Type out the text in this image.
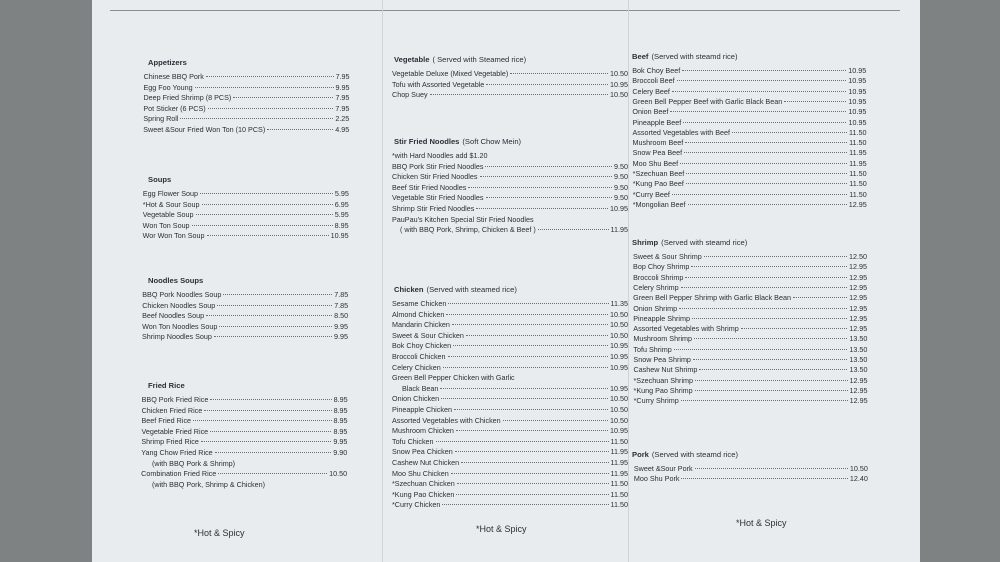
Appetizers
Chinese BBQ Pork	7.95
Egg Foo Young	9.95
Deep Fried Shrimp (8 PCS)	7.95
Pot Sticker (6 PCS)	7.95
Spring Roll	2.25
Sweet &Sour Fried Won Ton (10 PCS)	4.95
Soups
Egg Flower Soup	5.95
*Hot & Sour Soup	6.95
Vegetable Soup	5.95
Won Ton Soup	8.95
Wor Won Ton Soup	10.95
Noodles Soups
BBQ Pork Noodles Soup	7.85
Chicken Noodles Soup	7.85
Beef Noodles Soup	8.50
Won Ton Noodles Soup	9.95
Shrimp Noodles Soup	9.95
Fried Rice
BBQ Pork Fried Rice	8.95
Chicken Fried Rice	8.95
Beef Fried Rice	8.95
Vegetable Fried Rice	8.95
Shrimp Fried Rice	9.95
Yang Chow Fried Rice	9.90
(with BBQ Pork & Shrimp)
Combination Fried Rice	10.50
(with BBQ Pork, Shrimp & Chicken)
Vegetable ( Served with Steamed rice)
Vegetable Deluxe (Mixed Vegetable)	10.50
Tofu with Assorted Vegetable	10.95
Chop Suey	10.50
Stir Fried Noodles (Soft Chow Mein)
*with Hard Noodles add $1.20
BBQ Pork Stir Fried Noodles	9.50
Chicken Stir Fried Noodles	9.50
Beef Stir Fried Noodles	9.50
Vegetable Stir Fried Noodles	9.50
Shrimp Stir Fried Noodles	10.95
PauPau's Kitchen Special Stir Fried Noodles
( with BBQ Pork, Shrimp, Chicken & Beef )	11.95
Chicken (Served with steamed rice)
Sesame Chicken	11.35
Almond Chicken	10.50
Mandarin Chicken	10.50
Sweet & Sour Chicken	10.50
Bok Choy Chicken	10.95
Broccoli Chicken	10.95
Celery Chicken	10.95
Green Bell Pepper Chicken with Garlic
Black Bean	10.95
Onion Chicken	10.50
Pineapple Chicken	10.50
Assorted Vegetables with Chicken	10.50
Mushroom Chicken	10.95
Tofu Chicken	11.50
Snow Pea Chicken	11.95
Cashew Nut Chicken	11.95
Moo Shu Chicken	11.95
*Szechuan Chicken	11.50
*Kung Pao Chicken	11.50
*Curry Chicken	11.50
Beef (Served with steamd rice)
Bok Choy Beef	10.95
Broccoli Beef	10.95
Celery Beef	10.95
Green Bell Pepper Beef with Garlic Black Bean	10.95
Onion Beef	10.95
Pineapple Beef	10.95
Assorted Vegetables with Beef	11.50
Mushroom Beef	11.50
Snow Pea Beef	11.95
Moo Shu Beef	11.95
*Szechuan Beef	11.50
*Kung Pao Beef	11.50
*Curry Beef	11.50
*Mongolian Beef	12.95
Shrimp (Served with steamd rice)
Sweet & Sour Shrimp	12.50
Bop Choy Shrimp	12.95
Broccoli Shrimp	12.95
Celery Shrimp	12.95
Green Bell Pepper Shrimp with Garlic Black Bean	12.95
Onion Shrimp	12.95
Pineapple Shrimp	12.95
Assorted Vegetables with Shrimp	12.95
Mushroom Shrimp	13.50
Tofu Shrimp	13.50
Snow Pea Shrimp	13.50
Cashew Nut Shrimp	13.50
*Szechuan Shrimp	12.95
*Kung Pao Shrimp	12.95
*Curry Shrimp	12.95
Pork (Served with steamd rice)
Sweet &Sour Pork	10.50
Moo Shu Pork	12.40
*Hot & Spicy	*Hot & Spicy
*Hot & Spicy
